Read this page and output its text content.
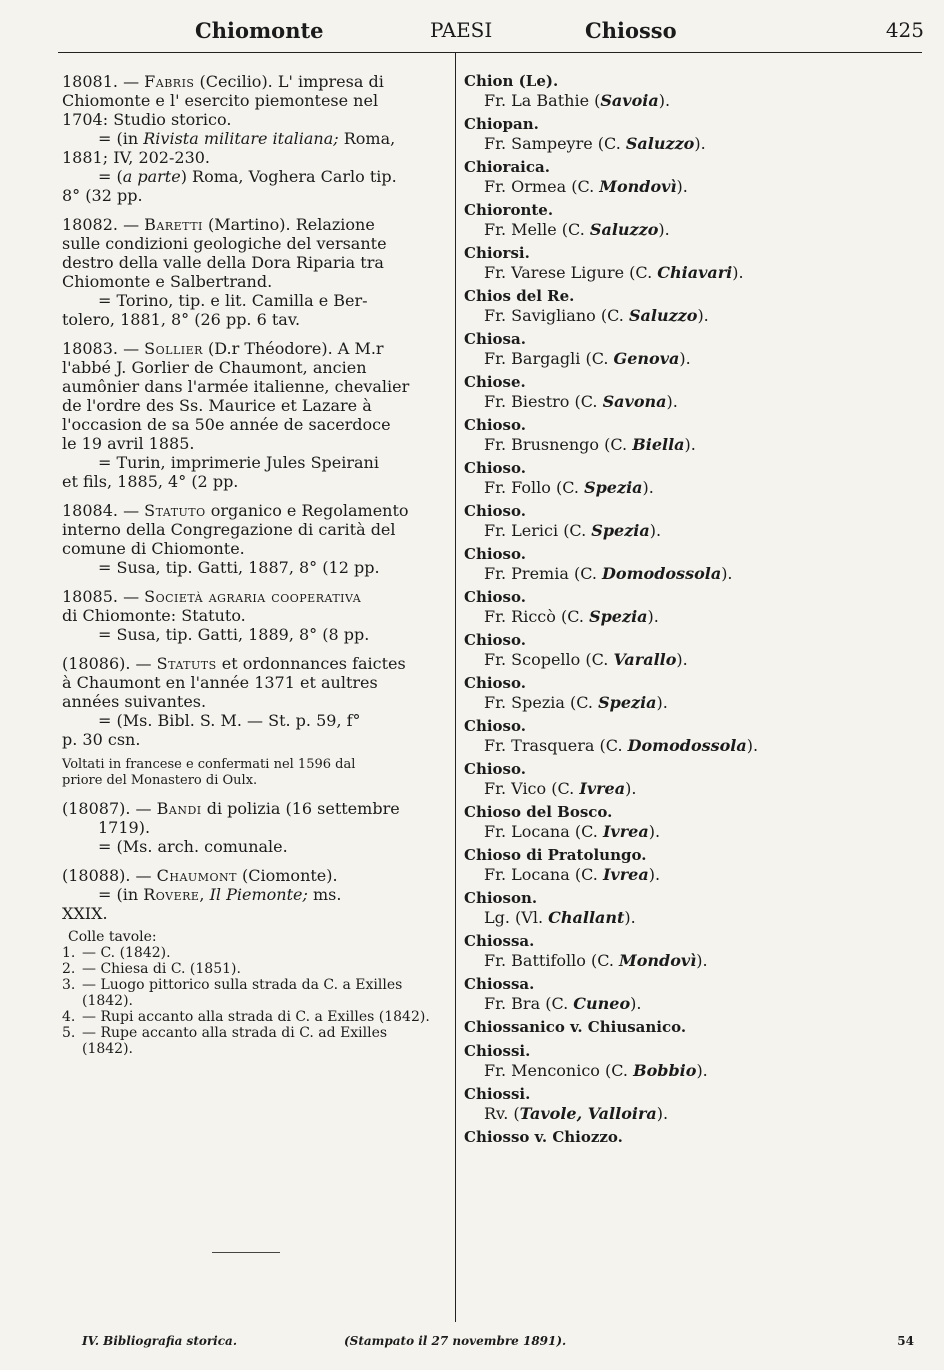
Chiomonte	PAESI	Chiosso	425
18081. — Fabris (Cecilio). L' impresa di
Chiomonte e l' esercito piemontese nel
1704: Studio storico.
= (in Rivista militare italiana; Roma,
1881; IV, 202-230.
= (a parte) Roma, Voghera Carlo tip.
8° (32 pp.
18082. — Baretti (Martino). Relazione
sulle condizioni geologiche del versante
destro della valle della Dora Riparia tra
Chiomonte e Salbertrand.
= Torino, tip. e lit. Camilla e Ber-
tolero, 1881, 8° (26 pp. 6 tav.
18083. — Sollier (D.r Théodore). A M.r
l'abbé J. Gorlier de Chaumont, ancien
aumônier dans l'armée italienne, chevalier
de l'ordre des Ss. Maurice et Lazare à
l'occasion de sa 50e année de sacerdoce
le 19 avril 1885.
= Turin, imprimerie Jules Speirani
et fils, 1885, 4° (2 pp.
18084. — Statuto organico e Regolamento
interno della Congregazione di carità del
comune di Chiomonte.
= Susa, tip. Gatti, 1887, 8° (12 pp.
18085. — Società agraria cooperativa
di Chiomonte: Statuto.
= Susa, tip. Gatti, 1889, 8° (8 pp.
(18086). — Statuts et ordonnances faictes
à Chaumont en l'année 1371 et aultres
années suivantes.
= (Ms. Bibl. S. M. — St. p. 59, f°
p. 30 csn.
Voltati in francese e confermati nel 1596 dal
priore del Monastero di Oulx.
(18087). — Bandi di polizia (16 settembre
1719).
= (Ms. arch. comunale.
(18088). — Chaumont (Ciomonte).
= (in Rovere, Il Piemonte; ms.
XXIX.
Colle tavole:
1. — C. (1842).
2. — Chiesa di C. (1851).
3. — Luogo pittorico sulla strada da C. a Exilles (1842).
4. — Rupi accanto alla strada di C. a Exilles (1842).
5. — Rupe accanto alla strada di C. ad Exilles (1842).
Chion (Le).
Fr. La Bathie (Savoia).
Chiopan.
Fr. Sampeyre (C. Saluzzo).
Chioraica.
Fr. Ormea (C. Mondovì).
Chioronte.
Fr. Melle (C. Saluzzo).
Chiorsi.
Fr. Varese Ligure (C. Chiavari).
Chios del Re.
Fr. Savigliano (C. Saluzzo).
Chiosa.
Fr. Bargagli (C. Genova).
Chiose.
Fr. Biestro (C. Savona).
Chioso.
Fr. Brusnengo (C. Biella).
Chioso.
Fr. Follo (C. Spezia).
Chioso.
Fr. Lerici (C. Spezia).
Chioso.
Fr. Premia (C. Domodossola).
Chioso.
Fr. Riccò (C. Spezia).
Chioso.
Fr. Scopello (C. Varallo).
Chioso.
Fr. Spezia (C. Spezia).
Chioso.
Fr. Trasquera (C. Domodossola).
Chioso.
Fr. Vico (C. Ivrea).
Chioso del Bosco.
Fr. Locana (C. Ivrea).
Chioso di Pratolungo.
Fr. Locana (C. Ivrea).
Chioson.
Lg. (Vl. Challant).
Chiossa.
Fr. Battifollo (C. Mondovì).
Chiossa.
Fr. Bra (C. Cuneo).
Chiossanico v. Chiusanico.
Chiossi.
Fr. Menconico (C. Bobbio).
Chiossi.
Rv. (Tavole, Valloira).
Chiosso v. Chiozzo.
IV. Bibliografia storica.	(Stampato il 27 novembre 1891).	54
